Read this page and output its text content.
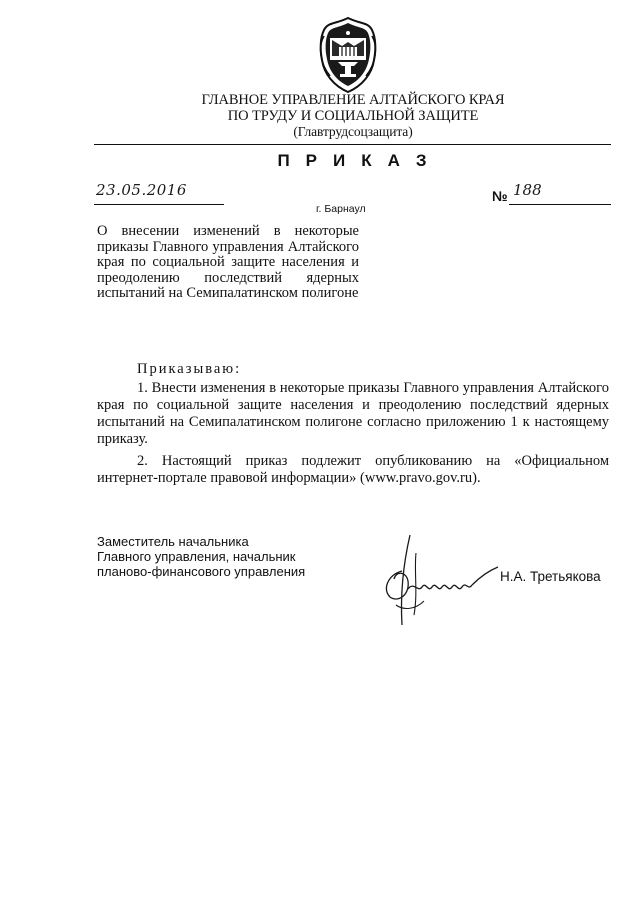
ГЛАВНОЕ УПРАВЛЕНИЕ АЛТАЙСКОГО КРАЯ
ПО ТРУДУ И СОЦИАЛЬНОЙ ЗАЩИТЕ
(Главтрудсоцзащита)
ПРИКАЗ
23.05.2016
г. Барнаул
№ 188

О внесении изменений в некоторые приказы Главного управления Алтайского края по социальной защите населения и преодолению последствий ядерных испытаний на Семипалатинском полигоне

Приказываю:

1. Внести изменения в некоторые приказы Главного управления Алтайского края по социальной защите населения и преодолению последствий ядерных испытаний на Семипалатинском полигоне согласно приложению 1 к настоящему приказу.

2. Настоящий приказ подлежит опубликованию на «Официальном интернет-портале правовой информации» (www.pravo.gov.ru).

Заместитель начальника
Главного управления, начальник
планово-финансового управления	Н.А. Третьякова
